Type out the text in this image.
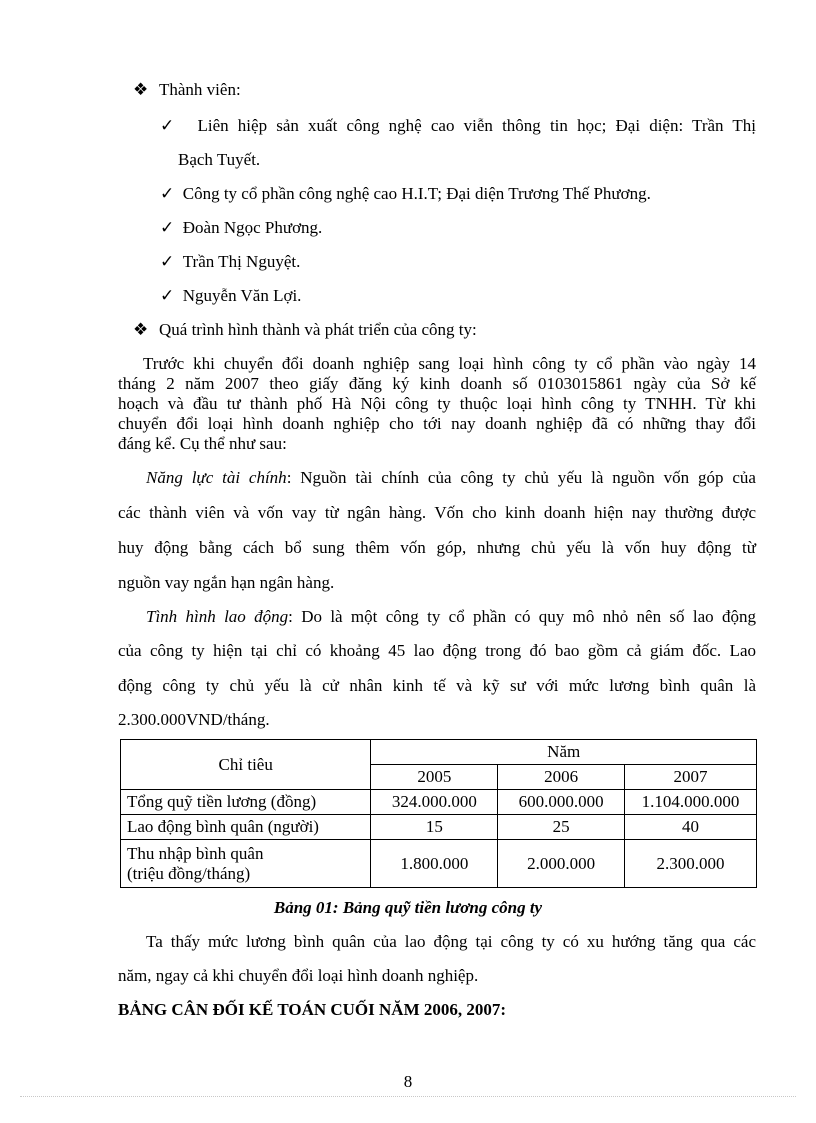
❖ Thành viên:
✓  Liên hiệp sản xuất công nghệ cao viễn thông tin học; Đại diện: Trần Thị
Bạch Tuyết.
✓  Công ty cổ phần công nghệ cao H.I.T; Đại diện Trương Thế Phương.
✓  Đoàn Ngọc Phương.
✓  Trần Thị Nguyệt.
✓  Nguyễn Văn Lợi.
❖ Quá trình hình thành và phát triển của công ty:
Trước khi chuyển đổi doanh nghiệp sang loại hình công ty cổ phần vào ngày 14
tháng 2 năm 2007 theo giấy đăng ký kinh doanh số 0103015861 ngày của Sở kế
hoạch và đầu tư thành phố Hà Nội công ty thuộc loại hình công ty TNHH. Từ khi
chuyển đổi loại hình doanh nghiệp cho tới nay doanh nghiệp đã có những thay đổi
đáng kể. Cụ thể như sau:
Năng lực tài chính: Nguồn tài chính của công ty chủ yếu là nguồn vốn góp của
các thành viên và vốn vay từ ngân hàng. Vốn cho kinh doanh hiện nay thường được
huy động bằng cách bổ sung thêm vốn góp, nhưng chủ yếu là vốn huy động từ
nguồn vay ngắn hạn ngân hàng.
Tình hình lao động: Do là một công ty cổ phần có quy mô nhỏ nên số lao động
của công ty hiện tại chỉ có khoảng 45 lao động trong đó bao gồm cả giám đốc. Lao
động công ty chủ yếu là cử nhân kinh tế và kỹ sư với mức lương bình quân là
2.300.000VND/tháng.
Chỉ tiêu	Năm		
	2005	2006	2007
Tổng quỹ tiền lương (đồng)	324.000.000	600.000.000	1.104.000.000
Lao động bình quân (người)	15	25	40

Thu nhập bình quân
(triệu đồng/tháng)	1.800.000	2.000.000	2.300.000
Bảng 01: Bảng quỹ tiền lương công ty
Ta thấy mức lương bình quân của lao động tại công ty có xu hướng tăng qua các
năm, ngay cả khi chuyển đổi loại hình doanh nghiệp.
BẢNG CÂN ĐỐI KẾ TOÁN CUỐI NĂM 2006, 2007:
8
